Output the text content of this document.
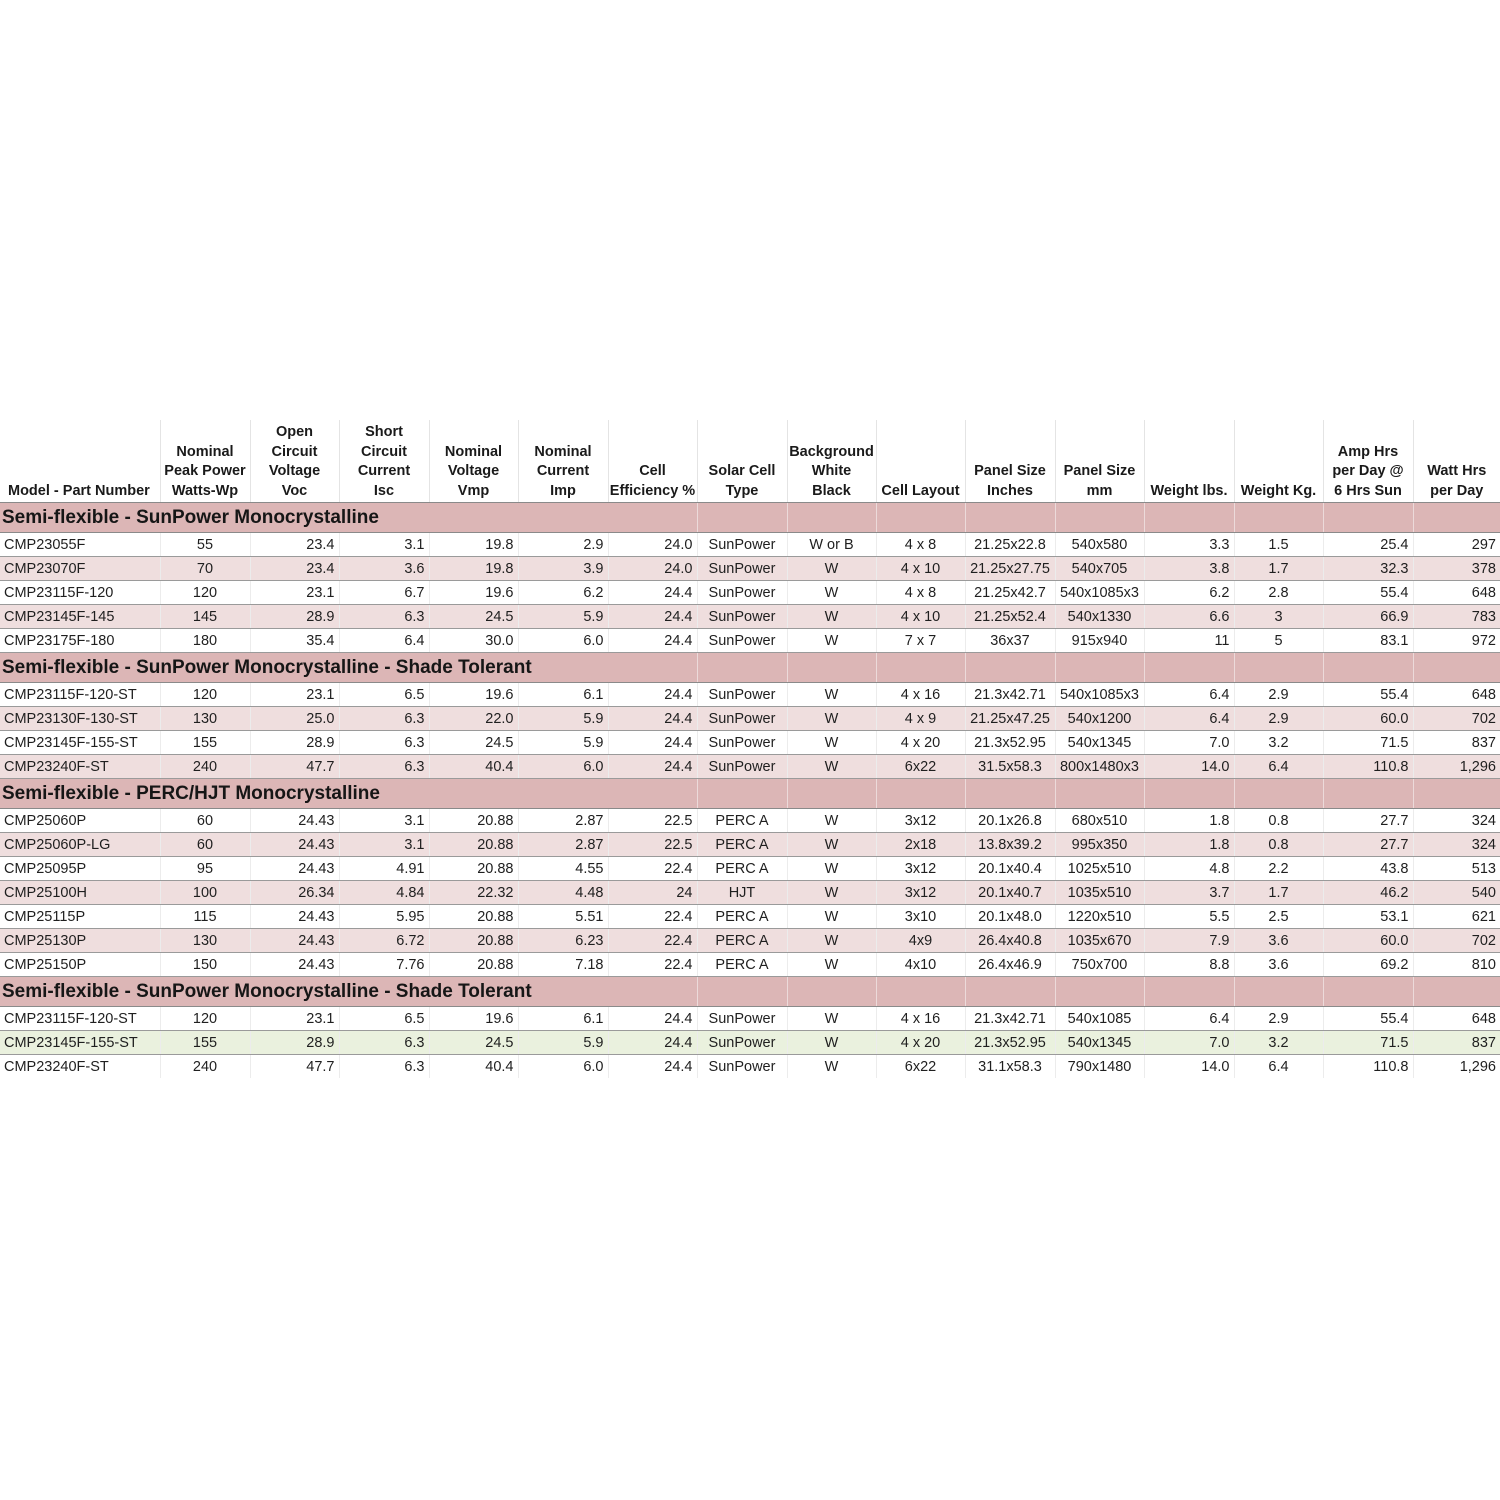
Model - Part Number	Nominal
Peak Power
Watts-Wp	Open
Circuit
Voltage
Voc	Short
Circuit
Current
Isc	Nominal
Voltage
Vmp	Nominal
Current
Imp	Cell
Efficiency %	Solar Cell
Type	Background
White
Black	Cell Layout	Panel Size
Inches	Panel Size
mm	Weight lbs.	Weight Kg.	Amp Hrs
per Day @
6 Hrs Sun	Watt Hrs
per Day
Semi-flexible - SunPower Monocrystalline															
CMP23055F	55	23.4	3.1	19.8	2.9	24.0	SunPower	W or B	4 x 8	21.25x22.8	540x580	3.3	1.5	25.4	297
CMP23070F	70	23.4	3.6	19.8	3.9	24.0	SunPower	W	4 x 10	21.25x27.75	540x705	3.8	1.7	32.3	378
CMP23115F-120	120	23.1	6.7	19.6	6.2	24.4	SunPower	W	4 x 8	21.25x42.7	540x1085x3	6.2	2.8	55.4	648
CMP23145F-145	145	28.9	6.3	24.5	5.9	24.4	SunPower	W	4 x 10	21.25x52.4	540x1330	6.6	3	66.9	783
CMP23175F-180	180	35.4	6.4	30.0	6.0	24.4	SunPower	W	7 x 7	36x37	915x940	11	5	83.1	972
Semi-flexible - SunPower Monocrystalline - Shade Tolerant															
CMP23115F-120-ST	120	23.1	6.5	19.6	6.1	24.4	SunPower	W	4 x 16	21.3x42.71	540x1085x3	6.4	2.9	55.4	648
CMP23130F-130-ST	130	25.0	6.3	22.0	5.9	24.4	SunPower	W	4 x 9	21.25x47.25	540x1200	6.4	2.9	60.0	702
CMP23145F-155-ST	155	28.9	6.3	24.5	5.9	24.4	SunPower	W	4 x 20	21.3x52.95	540x1345	7.0	3.2	71.5	837
CMP23240F-ST	240	47.7	6.3	40.4	6.0	24.4	SunPower	W	6x22	31.5x58.3	800x1480x3	14.0	6.4	110.8	1,296
Semi-flexible - PERC/HJT Monocrystalline															
CMP25060P	60	24.43	3.1	20.88	2.87	22.5	PERC A	W	3x12	20.1x26.8	680x510	1.8	0.8	27.7	324
CMP25060P-LG	60	24.43	3.1	20.88	2.87	22.5	PERC A	W	2x18	13.8x39.2	995x350	1.8	0.8	27.7	324
CMP25095P	95	24.43	4.91	20.88	4.55	22.4	PERC A	W	3x12	20.1x40.4	1025x510	4.8	2.2	43.8	513
CMP25100H	100	26.34	4.84	22.32	4.48	24	HJT	W	3x12	20.1x40.7	1035x510	3.7	1.7	46.2	540
CMP25115P	115	24.43	5.95	20.88	5.51	22.4	PERC A	W	3x10	20.1x48.0	1220x510	5.5	2.5	53.1	621
CMP25130P	130	24.43	6.72	20.88	6.23	22.4	PERC A	W	4x9	26.4x40.8	1035x670	7.9	3.6	60.0	702
CMP25150P	150	24.43	7.76	20.88	7.18	22.4	PERC A	W	4x10	26.4x46.9	750x700	8.8	3.6	69.2	810
Semi-flexible - SunPower Monocrystalline - Shade Tolerant															
CMP23115F-120-ST	120	23.1	6.5	19.6	6.1	24.4	SunPower	W	4 x 16	21.3x42.71	540x1085	6.4	2.9	55.4	648
CMP23145F-155-ST	155	28.9	6.3	24.5	5.9	24.4	SunPower	W	4 x 20	21.3x52.95	540x1345	7.0	3.2	71.5	837
CMP23240F-ST	240	47.7	6.3	40.4	6.0	24.4	SunPower	W	6x22	31.1x58.3	790x1480	14.0	6.4	110.8	1,296
